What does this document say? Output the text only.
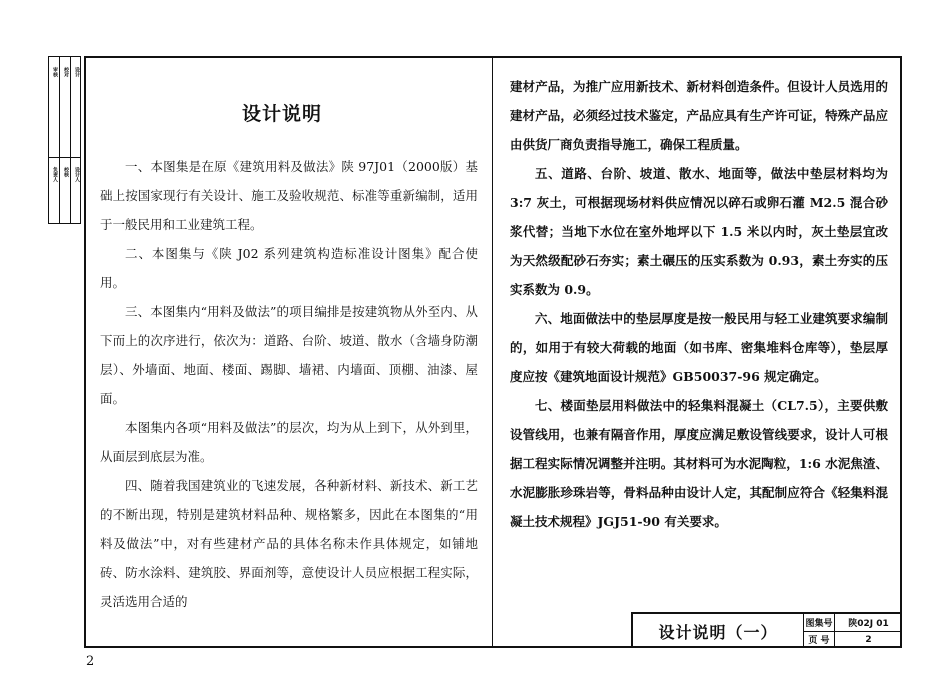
审核 校对 设计
负责人 校核 设计人
设计说明

一、本图集是在原《建筑用料及做法》陕 97J01（2000版）基础上按国家现行有关设计、施工及验收规范、标准等重新编制，适用于一般民用和工业建筑工程。

二、本图集与《陕 J02 系列建筑构造标准设计图集》配合使用。

三、本图集内“用料及做法”的项目编排是按建筑物从外至内、从下而上的次序进行，依次为：道路、台阶、坡道、散水（含墙身防潮层）、外墙面、地面、楼面、踢脚、墙裙、内墙面、顶棚、油漆、屋面。

本图集内各项“用料及做法”的层次，均为从上到下，从外到里，从面层到底层为准。

四、随着我国建筑业的飞速发展，各种新材料、新技术、新工艺的不断出现，特别是建筑材料品种、规格繁多，因此在本图集的“用料及做法”中，对有些建材产品的具体名称未作具体规定，如铺地砖、防水涂料、建筑胶、界面剂等，意使设计人员应根据工程实际，灵活选用合适的

建材产品，为推广应用新技术、新材料创造条件。但设计人员选用的建材产品，必须经过技术鉴定，产品应具有生产许可证，特殊产品应由供货厂商负责指导施工，确保工程质量。

五、道路、台阶、坡道、散水、地面等，做法中垫层材料均为 3:7 灰土，可根据现场材料供应情况以碎石或卵石灌 M2.5 混合砂浆代替；当地下水位在室外地坪以下 1.5 米以内时，灰土垫层宜改为天然级配砂石夯实；素土碾压的压实系数为 0.93，素土夯实的压实系数为 0.9。

六、地面做法中的垫层厚度是按一般民用与轻工业建筑要求编制的，如用于有较大荷载的地面（如书库、密集堆料仓库等），垫层厚度应按《建筑地面设计规范》GB50037-96 规定确定。

七、楼面垫层用料做法中的轻集料混凝土（CL7.5），主要供敷设管线用，也兼有隔音作用，厚度应满足敷设管线要求，设计人可根据工程实际情况调整并注明。其材料可为水泥陶粒，1:6 水泥焦渣、水泥膨胀珍珠岩等，骨料品种由设计人定，其配制应符合《轻集料混凝土技术规程》JGJ51-90 有关要求。

设计说明（一）	图集号	陕02J 01
页 号	2
2
